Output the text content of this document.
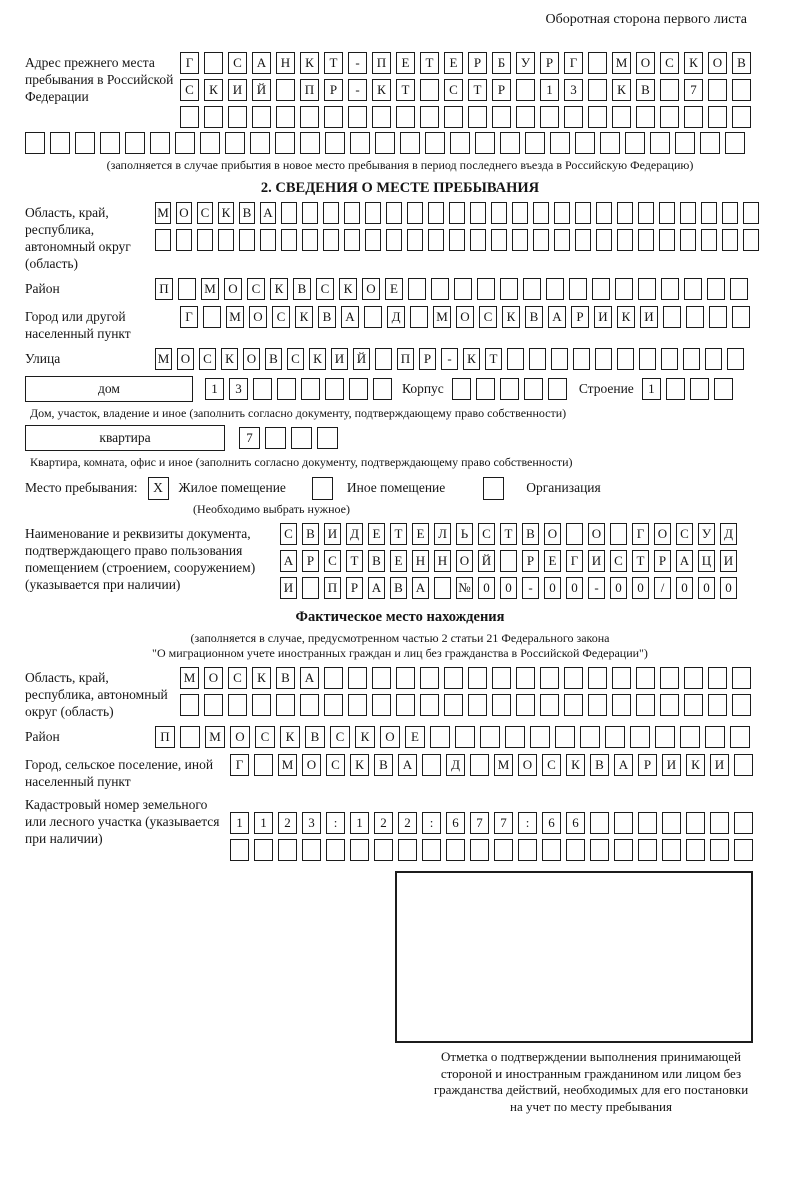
Оборотная сторона первого листа
Адрес прежнего места пребывания в Российской Федерации
Г	С	А	Н	К	Т	-	П	Е	Т	Е	Р	Б	У	Р	Г	М	О	С	К	О	В
С	К	И	Й	П	Р	-	К	Т	С	Т	Р	1	3	К	В	7
(заполняется в случае прибытия в новое место пребывания в период последнего въезда в Российскую Федерацию)
2. СВЕДЕНИЯ О МЕСТЕ ПРЕБЫВАНИЯ
Область, край, республика, автономный округ (область)
М О С К В А
Район	П	М О	С	К	В	С	К	О	Е
Город или другой населенный пункт
Г	М О	С	К	В	А	Д	М О	С	К	В	А	Р	И	К	И
Улица	М О С	К О В	С	К И Й	П	Р	-	К	Т
дом	1	3	Корпус	Строение	1
Дом, участок, владение и иное (заполнить согласно документу, подтверждающему право собственности)
квартира	7
Квартира, комната, офис и иное (заполнить согласно документу, подтверждающему право собственности)
Место пребывания:	X	Жилое помещение	Иное помещение	Организация
(Необходимо выбрать нужное)
Наименование и реквизиты документа, подтверждающего право пользования помещением (строением, сооружением) (указывается при наличии)
С	В И Д	Е	Т	Е	Л	Ь	С	Т	В О	О	Г	О С	У Д
А	Р	С	Т	В	Е	Н Н О Й	Р	Е	Г	И С	Т	Р	А Ц И
И	П	Р	А В А	№ 0	0	-	0	0	-	0	0	/	0	0	0
Фактическое место нахождения
(заполняется в случае, предусмотренном частью 2 статьи 21 Федерального закона
"О миграционном учете иностранных граждан и лиц без гражданства в Российской Федерации")
Область, край, республика, автономный округ (область)
М	О	С	К	В	А
Район	П	М	О	С	К	В	С	К	О	Е
Город, сельское поселение, иной населенный пункт
Г	М	О	С	К	В	А	Д	М	О	С	К	В	А	Р	И	К	И
Кадастровый номер земельного или лесного участка (указывается при наличии)
1	1	2	3	:	1	2	2	:	6	7	7	:	6	6
Отметка о подтверждении выполнения принимающей
стороной и иностранным гражданином или лицом без
гражданства действий, необходимых для его постановки
на учет по месту пребывания
